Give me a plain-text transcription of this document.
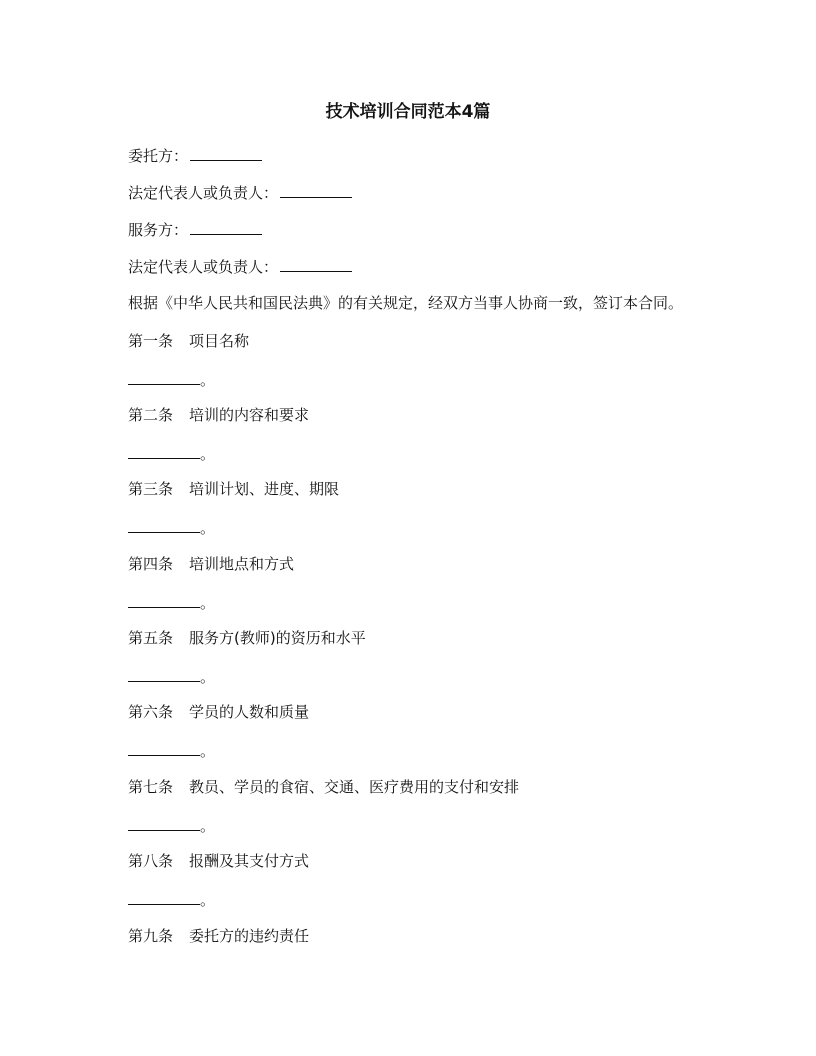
技术培训合同范本4篇
委托方：
法定代表人或负责人：
服务方：
法定代表人或负责人：
根据《中华人民共和国民法典》的有关规定，经双方当事人协商一致，签订本合同。
第一条 项目名称
。
第二条 培训的内容和要求
。
第三条 培训计划、进度、期限
。
第四条 培训地点和方式
。
第五条 服务方(教师)的资历和水平
。
第六条 学员的人数和质量
。
第七条 教员、学员的食宿、交通、医疗费用的支付和安排
。
第八条 报酬及其支付方式
。
第九条 委托方的违约责任
